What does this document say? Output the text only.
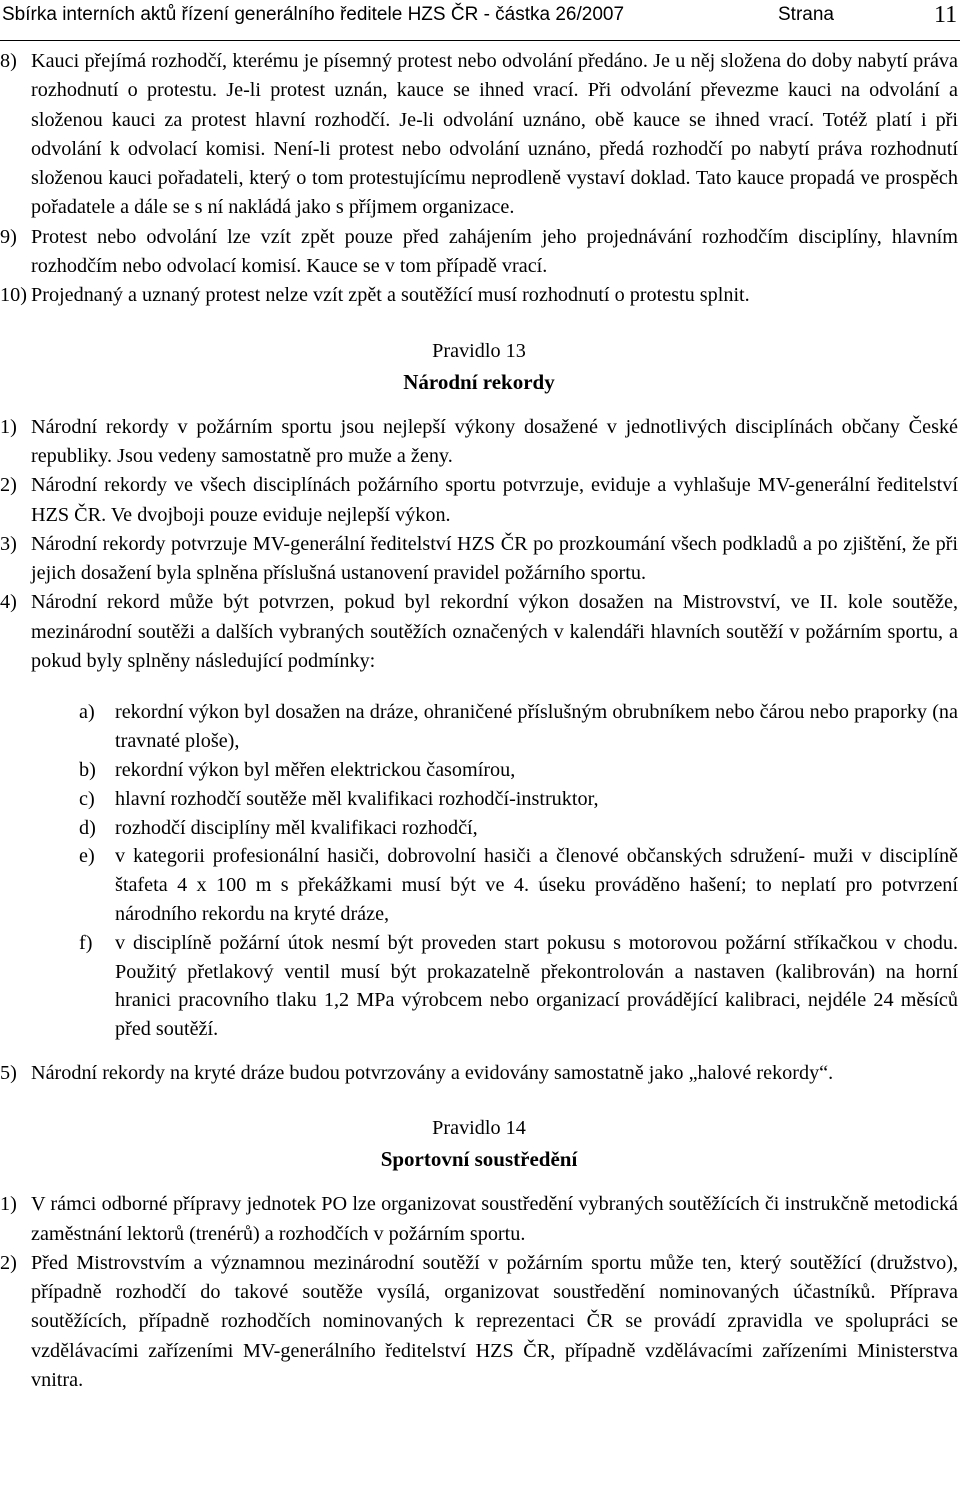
Sbírka interních aktů řízení generálního ředitele HZS ČR - částka 26/2007	Strana	11
8) Kauci přejímá rozhodčí, kterému je písemný protest nebo odvolání předáno. Je u něj složena do doby nabytí práva rozhodnutí o protestu. Je-li protest uznán, kauce se ihned vrací. Při odvolání převezme kauci na odvolání a složenou kauci za protest hlavní rozhodčí. Je-li odvolání uznáno, obě kauce se ihned vrací. Totéž platí i při odvolání k odvolací komisi. Není-li protest nebo odvolání uznáno, předá rozhodčí po nabytí práva rozhodnutí složenou kauci pořadateli, který o tom protestujícímu neprodleně vystaví doklad. Tato kauce propadá ve prospěch pořadatele a dále se s ní nakládá jako s příjmem organizace.
9) Protest nebo odvolání lze vzít zpět pouze před zahájením jeho projednávání rozhodčím disciplíny, hlavním rozhodčím nebo odvolací komisí. Kauce se v tom případě vrací.
10) Projednaný a uznaný protest nelze vzít zpět a soutěžící musí rozhodnutí o protestu splnit.
Pravidlo 13
Národní rekordy
1) Národní rekordy v požárním sportu jsou nejlepší výkony dosažené v jednotlivých disciplínách občany České republiky. Jsou vedeny samostatně pro muže a ženy.
2) Národní rekordy ve všech disciplínách požárního sportu potvrzuje, eviduje a vyhlašuje MV-generální ředitelství HZS ČR. Ve dvojboji pouze eviduje nejlepší výkon.
3) Národní rekordy potvrzuje MV-generální ředitelství HZS ČR po prozkoumání všech podkladů a po zjištění, že při jejich dosažení byla splněna příslušná ustanovení pravidel požárního sportu.
4) Národní rekord může být potvrzen, pokud byl rekordní výkon dosažen na Mistrovství, ve II. kole soutěže, mezinárodní soutěži a dalších vybraných soutěžích označených v kalendáři hlavních soutěží v požárním sportu, a pokud byly splněny následující podmínky:
a) rekordní výkon byl dosažen na dráze, ohraničené příslušným obrubníkem nebo čárou nebo praporky (na travnaté ploše),
b) rekordní výkon byl měřen elektrickou časomírou,
c) hlavní rozhodčí soutěže měl kvalifikaci rozhodčí-instruktor,
d) rozhodčí disciplíny měl kvalifikaci rozhodčí,
e) v kategorii profesionální hasiči, dobrovolní hasiči a členové občanských sdružení- muži v disciplíně štafeta 4 x 100 m s překážkami musí být ve 4. úseku prováděno hašení; to neplatí pro potvrzení národního rekordu na kryté dráze,
f) v disciplíně požární útok nesmí být proveden start pokusu s motorovou požární stříkačkou v chodu. Použitý přetlakový ventil musí být prokazatelně překontrolován a nastaven (kalibrován) na horní hranici pracovního tlaku 1,2 MPa výrobcem nebo organizací provádějící kalibraci, nejdéle 24 měsíců před soutěží.
5) Národní rekordy na kryté dráze budou potvrzovány a evidovány samostatně jako „halové rekordy“.
Pravidlo 14
Sportovní soustředění
1) V rámci odborné přípravy jednotek PO lze organizovat soustředění vybraných soutěžících či instrukčně metodická zaměstnání lektorů (trenérů) a rozhodčích v požárním sportu.
2) Před Mistrovstvím a významnou mezinárodní soutěží v požárním sportu může ten, který soutěžící (družstvo), případně rozhodčí do takové soutěže vysílá, organizovat soustředění nominovaných účastníků. Příprava soutěžících, případně rozhodčích nominovaných k reprezentaci ČR se provádí zpravidla ve spolupráci se vzdělávacími zařízeními MV-generálního ředitelství HZS ČR, případně vzdělávacími zařízeními Ministerstva vnitra.
